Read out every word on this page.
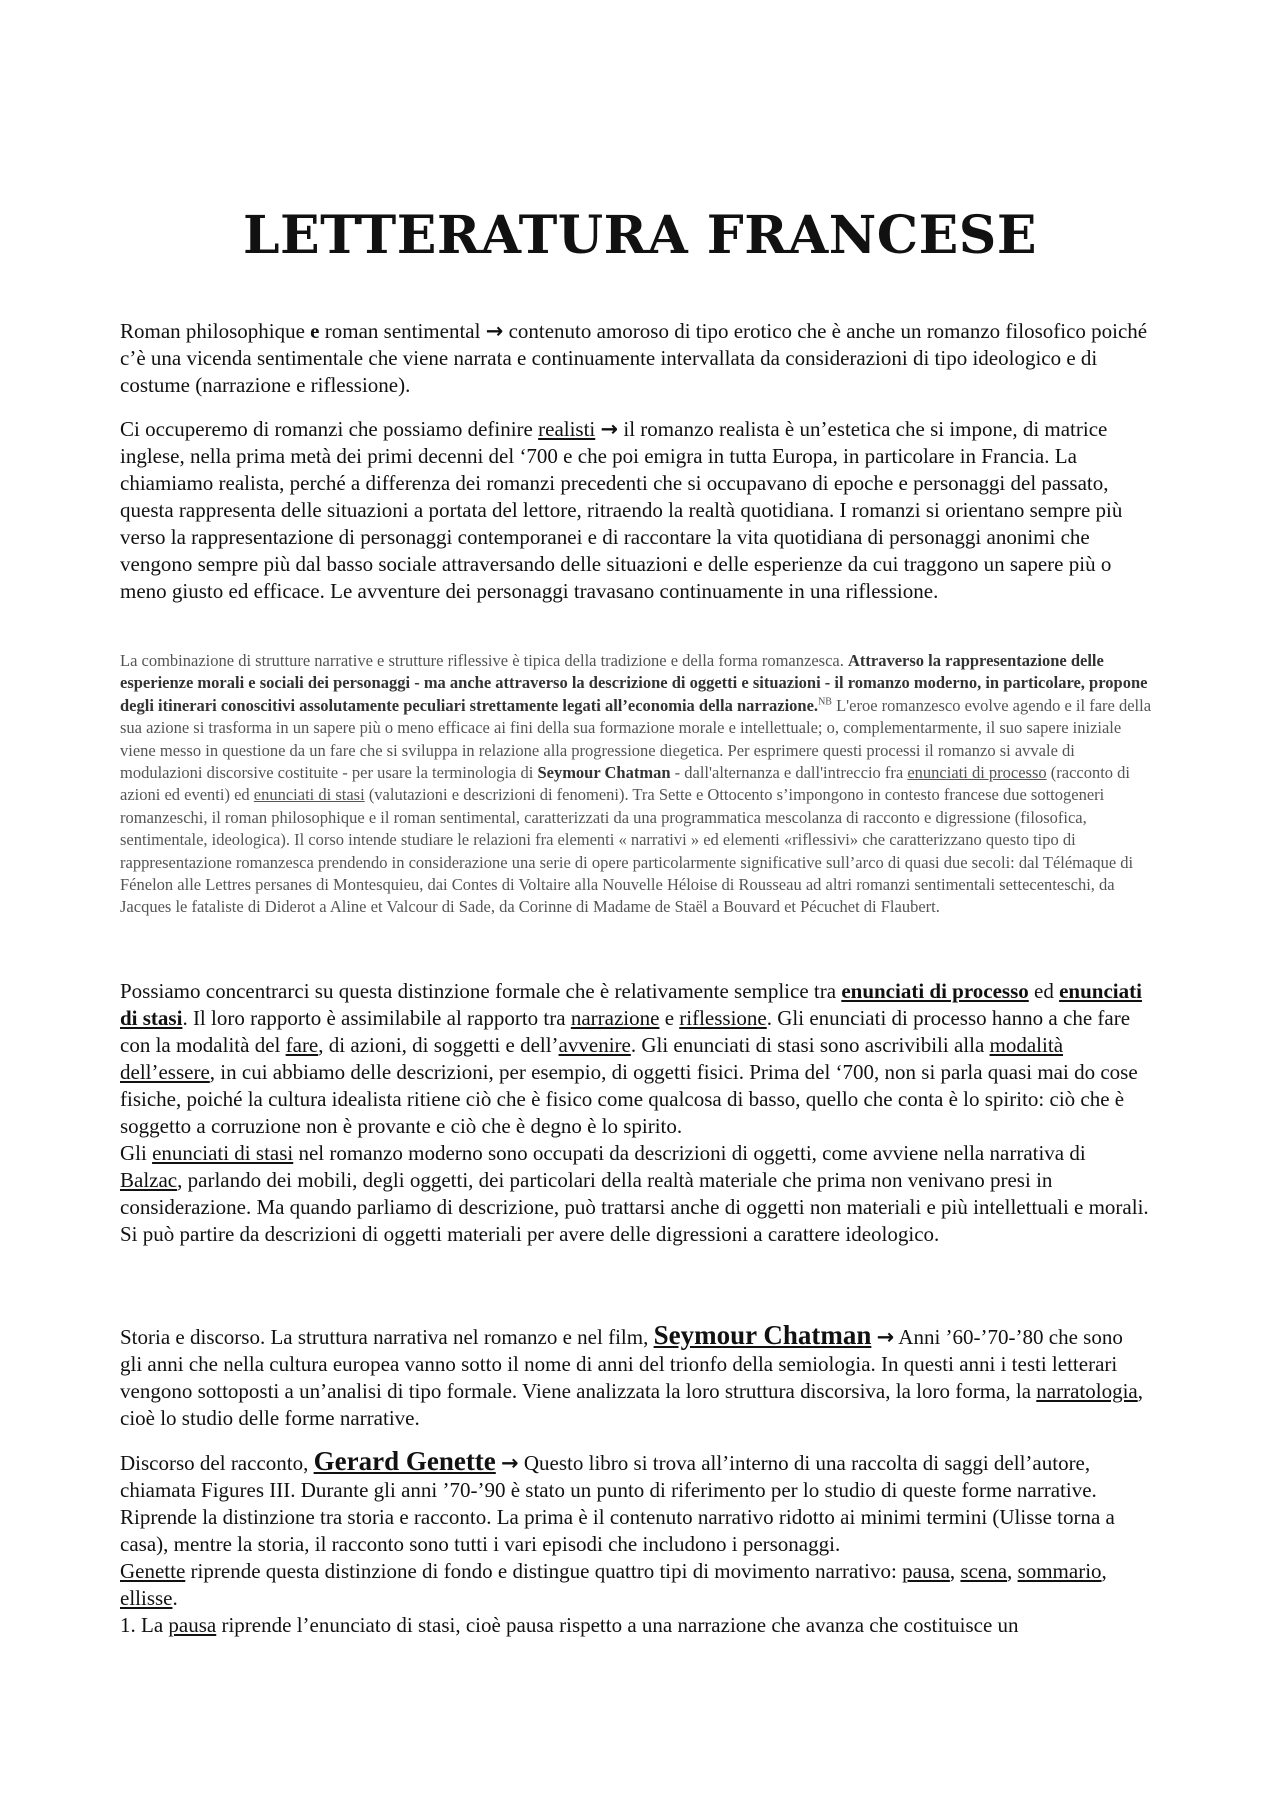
LETTERATURA FRANCESE

Roman philosophique e roman sentimental → contenuto amoroso di tipo erotico che è anche un romanzo filosofico poiché c’è una vicenda sentimentale che viene narrata e continuamente intervallata da considerazioni di tipo ideologico e di costume (narrazione e riflessione).

Ci occuperemo di romanzi che possiamo definire realisti → il romanzo realista è un’estetica che si impone, di matrice inglese, nella prima metà dei primi decenni del ‘700 e che poi emigra in tutta Europa, in particolare in Francia. La chiamiamo realista, perché a differenza dei romanzi precedenti che si occupavano di epoche e personaggi del passato, questa rappresenta delle situazioni a portata del lettore, ritraendo la realtà quotidiana. I romanzi si orientano sempre più verso la rappresentazione di personaggi contemporanei e di raccontare la vita quotidiana di personaggi anonimi che vengono sempre più dal basso sociale attraversando delle situazioni e delle esperienze da cui traggono un sapere più o meno giusto ed efficace. Le avventure dei personaggi travasano continuamente in una riflessione.

La combinazione di strutture narrative e strutture riflessive è tipica della tradizione e della forma romanzesca. Attraverso la rappresentazione delle esperienze morali e sociali dei personaggi - ma anche attraverso la descrizione di oggetti e situazioni - il romanzo moderno, in particolare, propone degli itinerari conoscitivi assolutamente peculiari strettamente legati all’economia della narrazione.$^{NB}$ L'eroe romanzesco evolve agendo e il fare della sua azione si trasforma in un sapere più o meno efficace ai fini della sua formazione morale e intellettuale; o, complementarmente, il suo sapere iniziale viene messo in questione da un fare che si sviluppa in relazione alla progressione diegetica. Per esprimere questi processi il romanzo si avvale di modulazioni discorsive costituite - per usare la terminologia di Seymour Chatman - dall'alternanza e dall'intreccio fra enunciati di processo (racconto di azioni ed eventi) ed enunciati di stasi (valutazioni e descrizioni di fenomeni). Tra Sette e Ottocento s’impongono in contesto francese due sottogeneri romanzeschi, il roman philosophique e il roman sentimental, caratterizzati da una programmatica mescolanza di racconto e digressione (filosofica, sentimentale, ideologica). Il corso intende studiare le relazioni fra elementi « narrativi » ed elementi «riflessivi» che caratterizzano questo tipo di rappresentazione romanzesca prendendo in considerazione una serie di opere particolarmente significative sull’arco di quasi due secoli: dal Télémaque di Fénelon alle Lettres persanes di Montesquieu, dai Contes di Voltaire alla Nouvelle Héloise di Rousseau ad altri romanzi sentimentali settecenteschi, da Jacques le fataliste di Diderot a Aline et Valcour di Sade, da Corinne di Madame de Staël a Bouvard et Pécuchet di Flaubert.

Possiamo concentrarci su questa distinzione formale che è relativamente semplice tra enunciati di processo ed enunciati di stasi. Il loro rapporto è assimilabile al rapporto tra narrazione e riflessione. Gli enunciati di processo hanno a che fare con la modalità del fare, di azioni, di soggetti e dell’avvenire. Gli enunciati di stasi sono ascrivibili alla modalità dell’essere, in cui abbiamo delle descrizioni, per esempio, di oggetti fisici. Prima del ‘700, non si parla quasi mai do cose fisiche, poiché la cultura idealista ritiene ciò che è fisico come qualcosa di basso, quello che conta è lo spirito: ciò che è soggetto a corruzione non è provante e ciò che è degno è lo spirito.
Gli enunciati di stasi nel romanzo moderno sono occupati da descrizioni di oggetti, come avviene nella narrativa di Balzac, parlando dei mobili, degli oggetti, dei particolari della realtà materiale che prima non venivano presi in considerazione. Ma quando parliamo di descrizione, può trattarsi anche di oggetti non materiali e più intellettuali e morali. Si può partire da descrizioni di oggetti materiali per avere delle digressioni a carattere ideologico.

Storia e discorso. La struttura narrativa nel romanzo e nel film, Seymour Chatman → Anni ’60-’70-’80 che sono gli anni che nella cultura europea vanno sotto il nome di anni del trionfo della semiologia. In questi anni i testi letterari vengono sottoposti a un’analisi di tipo formale. Viene analizzata la loro struttura discorsiva, la loro forma, la narratologia, cioè lo studio delle forme narrative.

Discorso del racconto, Gerard Genette → Questo libro si trova all’interno di una raccolta di saggi dell’autore, chiamata Figures III. Durante gli anni ’70-’90 è stato un punto di riferimento per lo studio di queste forme narrative. Riprende la distinzione tra storia e racconto. La prima è il contenuto narrativo ridotto ai minimi termini (Ulisse torna a casa), mentre la storia, il racconto sono tutti i vari episodi che includono i personaggi.
Genette riprende questa distinzione di fondo e distingue quattro tipi di movimento narrativo: pausa, scena, sommario, ellisse.
1. La pausa riprende l’enunciato di stasi, cioè pausa rispetto a una narrazione che avanza che costituisce un
